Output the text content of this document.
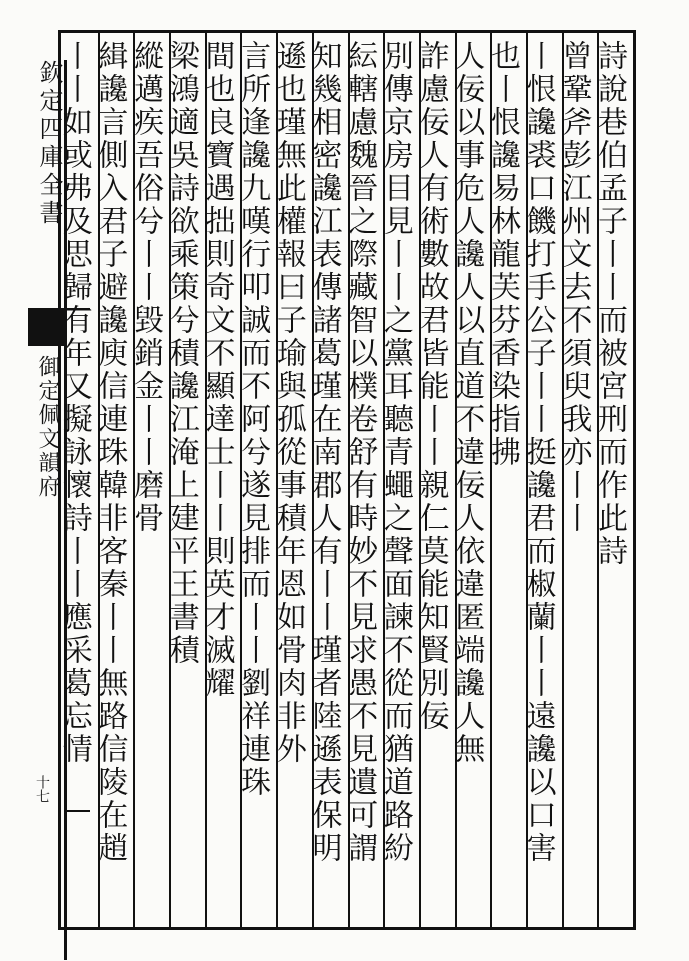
欽定四庫全書
御定佩文韻府
十七
詩說巷伯孟子丨丨而被宮刑而作此詩
曾鞏斧彭江州文去不須臾我亦丨丨
丨恨讒裘口饑打手公子丨丨挺讒君而椒蘭丨丨遠讒以口害
也丨恨讒易林龍芙芬香染指拂
人佞以事危人讒人以直道不違佞人依違匿端讒人無
詐慮佞人有術數故君皆能丨丨親仁莫能知賢別佞
別傳京房目見丨丨之黨耳聽青蠅之聲面諫不從而猶道路紛
紜轄慮魏晉之際藏智以樸卷舒有時妙不見求愚不見遺可謂
知幾相密讒江表傳諸葛瑾在南郡人有丨丨瑾者陸遜表保明
遜也瑾無此權報曰子瑜與孤從事積年恩如骨肉非外
言所逢讒九嘆行叩誠而不阿兮遂見排而丨丨劉祥連珠
間也良寶遇拙則奇文不顯達士丨丨則英才滅耀
梁鴻適吳詩欲乘策兮積讒江淹上建平王書積
縱邁疾吾俗兮丨丨毀銷金丨丨磨骨
緝讒言側入君子避讒庾信連珠韓非客秦丨丨無路信陵在趙
丨丨如或弗及思歸有年又擬詠懷詩丨丨應采葛忘情
